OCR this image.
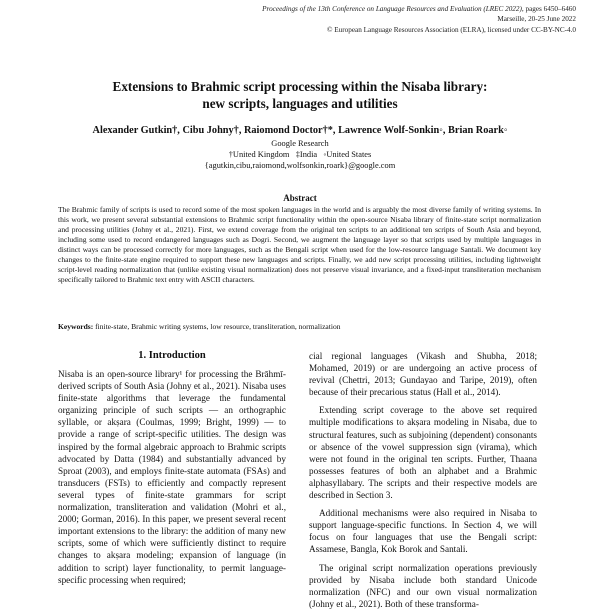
Proceedings of the 13th Conference on Language Resources and Evaluation (LREC 2022), pages 6450–6460
Marseille, 20-25 June 2022
© European Language Resources Association (ELRA), licensed under CC-BY-NC-4.0
Extensions to Brahmic script processing within the Nisaba library:
new scripts, languages and utilities
Alexander Gutkin†, Cibu Johny†, Raiomond Doctor†*, Lawrence Wolf-Sonkin◦, Brian Roark◦
Google Research
†United Kingdom   ‡India   ◦United States
{agutkin,cibu,raiomond,wolfsonkin,roark}@google.com
Abstract
The Brahmic family of scripts is used to record some of the most spoken languages in the world and is arguably the most diverse family of writing systems. In this work, we present several substantial extensions to Brahmic script functionality within the open-source Nisaba library of finite-state script normalization and processing utilities (Johny et al., 2021). First, we extend coverage from the original ten scripts to an additional ten scripts of South Asia and beyond, including some used to record endangered languages such as Dogri. Second, we augment the language layer so that scripts used by multiple languages in distinct ways can be processed correctly for more languages, such as the Bengali script when used for the low-resource language Santali. We document key changes to the finite-state engine required to support these new languages and scripts. Finally, we add new script processing utilities, including lightweight script-level reading normalization that (unlike existing visual normalization) does not preserve visual invariance, and a fixed-input transliteration mechanism specifically tailored to Brahmic text entry with ASCII characters.
Keywords: finite-state, Brahmic writing systems, low resource, transliteration, normalization
1. Introduction

Nisaba is an open-source library¹ for processing the Brāhmī-derived scripts of South Asia (Johny et al., 2021). Nisaba uses finite-state algorithms that leverage the fundamental organizing principle of such scripts — an orthographic syllable, or akṣara (Coulmas, 1999; Bright, 1999) — to provide a range of script-specific utilities. The design was inspired by the formal algebraic approach to Brahmic scripts advocated by Datta (1984) and substantially advanced by Sproat (2003), and employs finite-state automata (FSAs) and transducers (FSTs) to efficiently and compactly represent several types of finite-state grammars for script normalization, transliteration and validation (Mohri et al., 2000; Gorman, 2016). In this paper, we present several recent important extensions to the library: the addition of many new scripts, some of which were sufficiently distinct to require changes to akṣara modeling; expansion of language (in addition to script) layer functionality, to permit language-specific processing when required;

cial regional languages (Vikash and Shubha, 2018; Mohamed, 2019) or are undergoing an active process of revival (Chettri, 2013; Gundayao and Taripe, 2019), often because of their precarious status (Hall et al., 2014).

Extending script coverage to the above set required multiple modifications to akṣara modeling in Nisaba, due to structural features, such as subjoining (dependent) consonants or absence of the vowel suppression sign (virama), which were not found in the original ten scripts. Further, Thaana possesses features of both an alphabet and a Brahmic alphasyllabary. The scripts and their respective models are described in Section 3.

Additional mechanisms were also required in Nisaba to support language-specific functions. In Section 4, we will focus on four languages that use the Bengali script: Assamese, Bangla, Kok Borok and Santali.

The original script normalization operations previously provided by Nisaba include both standard Unicode normalization (NFC) and our own visual normalization (Johny et al., 2021). Both of these transforma-
